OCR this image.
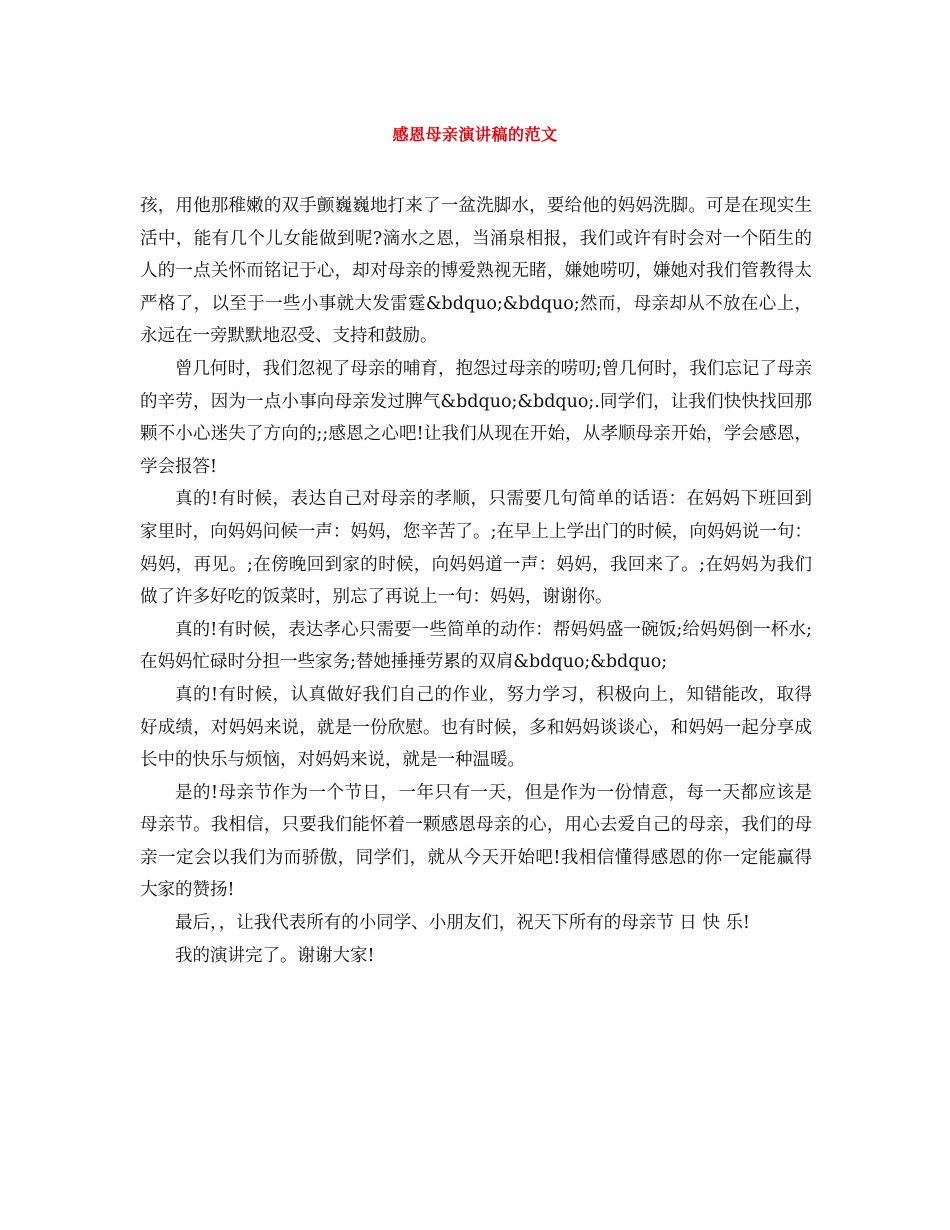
感恩母亲演讲稿的范文

孩，用他那稚嫩的双手颤巍巍地打来了一盆洗脚水，要给他的妈妈洗脚。可是在现实生活中，能有几个儿女能做到呢?滴水之恩，当涌泉相报，我们或许有时会对一个陌生的人的一点关怀而铭记于心，却对母亲的博爱熟视无睹，嫌她唠叨，嫌她对我们管教得太严格了，以至于一些小事就大发雷霆&bdquo;&bdquo;然而，母亲却从不放在心上，永远在一旁默默地忍受、支持和鼓励。

曾几何时，我们忽视了母亲的哺育，抱怨过母亲的唠叨;曾几何时，我们忘记了母亲的辛劳，因为一点小事向母亲发过脾气&bdquo;&bdquo;.同学们，让我们快快找回那颗不小心迷失了方向的;;感恩之心吧!让我们从现在开始，从孝顺母亲开始，学会感恩，学会报答!

真的!有时候，表达自己对母亲的孝顺，只需要几句简单的话语：在妈妈下班回到家里时，向妈妈问候一声：妈妈，您辛苦了。;在早上上学出门的时候，向妈妈说一句：妈妈，再见。;在傍晚回到家的时候，向妈妈道一声：妈妈，我回来了。;在妈妈为我们做了许多好吃的饭菜时，别忘了再说上一句：妈妈，谢谢你。

真的!有时候，表达孝心只需要一些简单的动作：帮妈妈盛一碗饭;给妈妈倒一杯水;在妈妈忙碌时分担一些家务;替她捶捶劳累的双肩&bdquo;&bdquo;

真的!有时候，认真做好我们自己的作业，努力学习，积极向上，知错能改，取得好成绩，对妈妈来说，就是一份欣慰。也有时候，多和妈妈谈谈心，和妈妈一起分享成长中的快乐与烦恼，对妈妈来说，就是一种温暖。

是的!母亲节作为一个节日，一年只有一天，但是作为一份情意，每一天都应该是母亲节。我相信，只要我们能怀着一颗感恩母亲的心，用心去爱自己的母亲，我们的母亲一定会以我们为而骄傲，同学们，就从今天开始吧!我相信懂得感恩的你一定能赢得大家的赞扬!

最后，，让我代表所有的小同学、小朋友们，祝天下所有的母亲节 日 快 乐!

我的演讲完了。谢谢大家!
